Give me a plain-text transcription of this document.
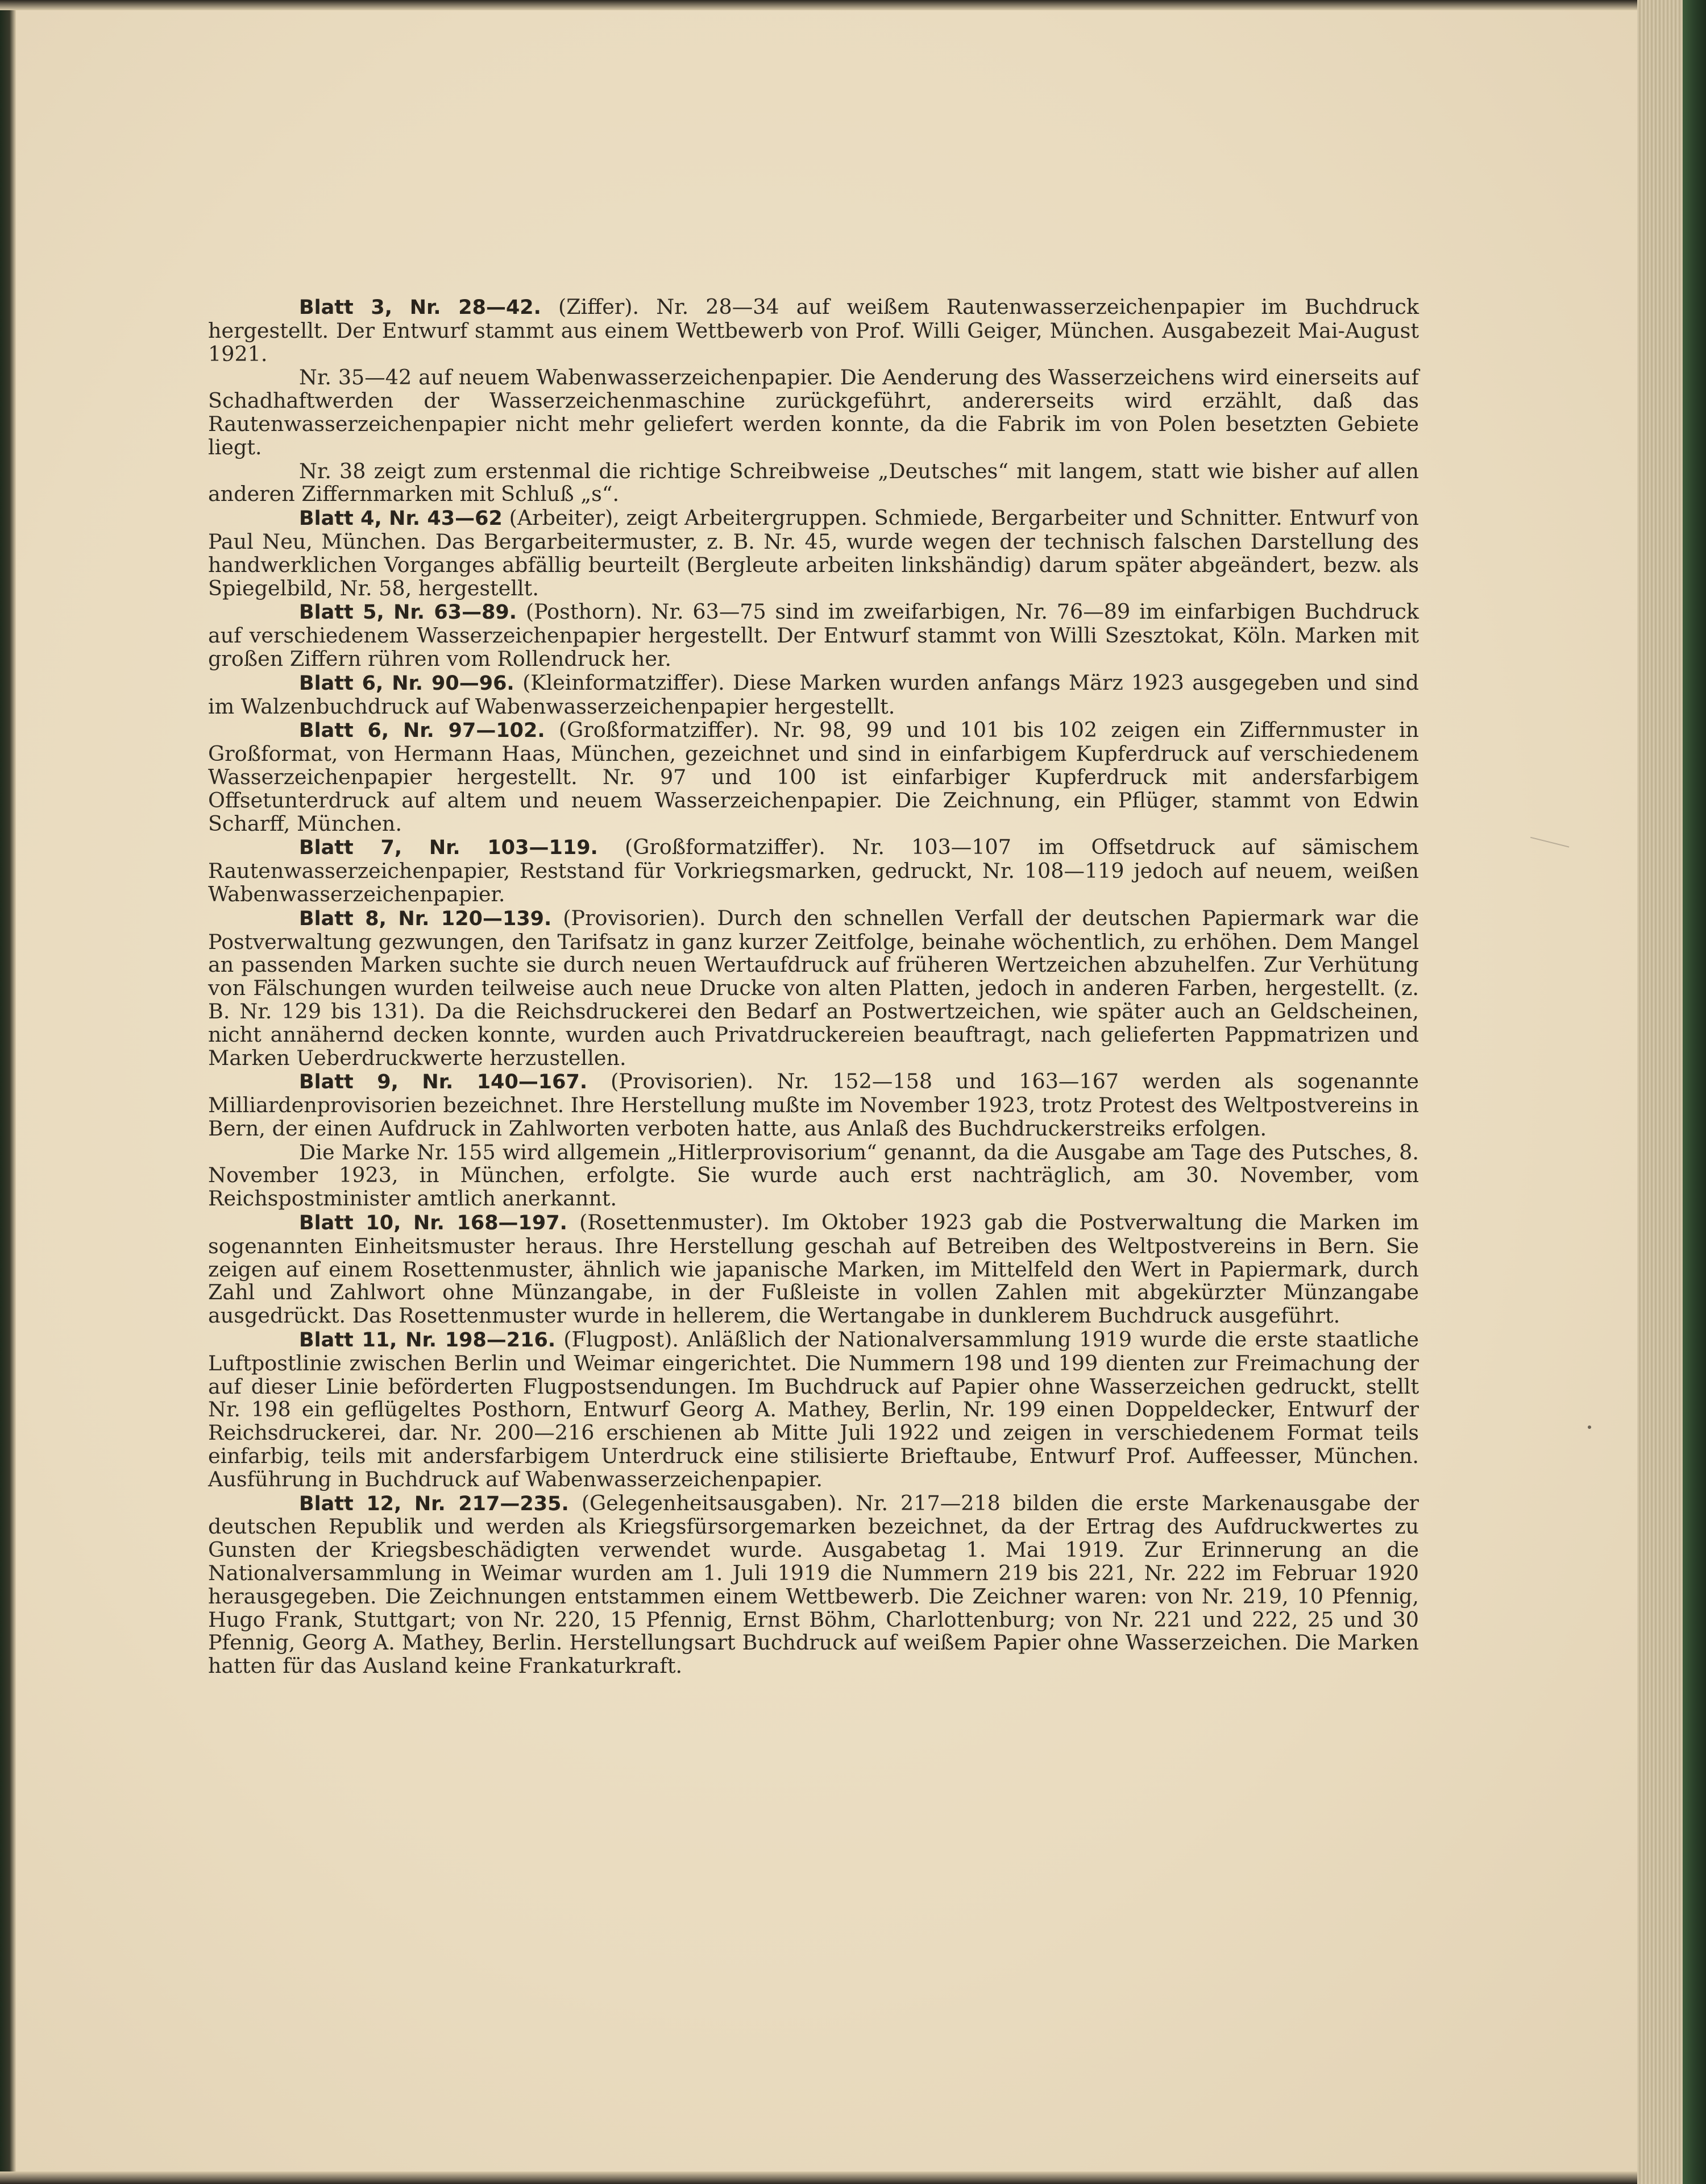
Blatt 3, Nr. 28—42. (Ziffer). Nr. 28—34 auf weißem Rautenwasserzeichenpapier im Buchdruck hergestellt. Der Entwurf stammt aus einem Wettbewerb von Prof. Willi Geiger, München. Ausgabezeit Mai-August 1921.

Nr. 35—42 auf neuem Wabenwasserzeichenpapier. Die Aenderung des Wasserzeichens wird einerseits auf Schadhaftwerden der Wasserzeichenmaschine zurückgeführt, andererseits wird erzählt, daß das Rautenwasserzeichenpapier nicht mehr geliefert werden konnte, da die Fabrik im von Polen besetzten Gebiete liegt.

Nr. 38 zeigt zum erstenmal die richtige Schreibweise „Deutsches“ mit langem, statt wie bisher auf allen anderen Ziffernmarken mit Schluß „s“.

Blatt 4, Nr. 43—62 (Arbeiter), zeigt Arbeitergruppen. Schmiede, Bergarbeiter und Schnitter. Entwurf von Paul Neu, München. Das Bergarbeitermuster, z. B. Nr. 45, wurde wegen der technisch falschen Darstellung des handwerklichen Vorganges abfällig beurteilt (Bergleute arbeiten linkshändig) darum später abgeändert, bezw. als Spiegelbild, Nr. 58, hergestellt.

Blatt 5, Nr. 63—89. (Posthorn). Nr. 63—75 sind im zweifarbigen, Nr. 76—89 im einfarbigen Buchdruck auf verschiedenem Wasserzeichenpapier hergestellt. Der Entwurf stammt von Willi Szesztokat, Köln. Marken mit großen Ziffern rühren vom Rollendruck her.

Blatt 6, Nr. 90—96. (Kleinformatziffer). Diese Marken wurden anfangs März 1923 ausgegeben und sind im Walzenbuchdruck auf Wabenwasserzeichenpapier hergestellt.

Blatt 6, Nr. 97—102. (Großformatziffer). Nr. 98, 99 und 101 bis 102 zeigen ein Ziffernmuster in Großformat, von Hermann Haas, München, gezeichnet und sind in einfarbigem Kupferdruck auf verschiedenem Wasserzeichenpapier hergestellt. Nr. 97 und 100 ist einfarbiger Kupferdruck mit andersfarbigem Offsetunterdruck auf altem und neuem Wasserzeichenpapier. Die Zeichnung, ein Pflüger, stammt von Edwin Scharff, München.

Blatt 7, Nr. 103—119. (Großformatziffer). Nr. 103—107 im Offsetdruck auf sämischem Rautenwasserzeichenpapier, Reststand für Vorkriegsmarken, gedruckt, Nr. 108—119 jedoch auf neuem, weißen Wabenwasserzeichenpapier.

Blatt 8, Nr. 120—139. (Provisorien). Durch den schnellen Verfall der deutschen Papiermark war die Postverwaltung gezwungen, den Tarifsatz in ganz kurzer Zeitfolge, beinahe wöchentlich, zu erhöhen. Dem Mangel an passenden Marken suchte sie durch neuen Wertaufdruck auf früheren Wertzeichen abzuhelfen. Zur Verhütung von Fälschungen wurden teilweise auch neue Drucke von alten Platten, jedoch in anderen Farben, hergestellt. (z. B. Nr. 129 bis 131). Da die Reichsdruckerei den Bedarf an Postwertzeichen, wie später auch an Geldscheinen, nicht annähernd decken konnte, wurden auch Privatdruckereien beauftragt, nach gelieferten Pappmatrizen und Marken Ueberdruckwerte herzustellen.

Blatt 9, Nr. 140—167. (Provisorien). Nr. 152—158 und 163—167 werden als sogenannte Milliardenprovisorien bezeichnet. Ihre Herstellung mußte im November 1923, trotz Protest des Weltpostvereins in Bern, der einen Aufdruck in Zahlworten verboten hatte, aus Anlaß des Buchdruckerstreiks erfolgen.

Die Marke Nr. 155 wird allgemein „Hitlerprovisorium“ genannt, da die Ausgabe am Tage des Putsches, 8. November 1923, in München, erfolgte. Sie wurde auch erst nachträglich, am 30. November, vom Reichspostminister amtlich anerkannt.

Blatt 10, Nr. 168—197. (Rosettenmuster). Im Oktober 1923 gab die Postverwaltung die Marken im sogenannten Einheitsmuster heraus. Ihre Herstellung geschah auf Betreiben des Weltpostvereins in Bern. Sie zeigen auf einem Rosettenmuster, ähnlich wie japanische Marken, im Mittelfeld den Wert in Papiermark, durch Zahl und Zahlwort ohne Münzangabe, in der Fußleiste in vollen Zahlen mit abgekürzter Münzangabe ausgedrückt. Das Rosettenmuster wurde in hellerem, die Wertangabe in dunklerem Buchdruck ausgeführt.

Blatt 11, Nr. 198—216. (Flugpost). Anläßlich der Nationalversammlung 1919 wurde die erste staatliche Luftpostlinie zwischen Berlin und Weimar eingerichtet. Die Nummern 198 und 199 dienten zur Freimachung der auf dieser Linie beförderten Flugpostsendungen. Im Buchdruck auf Papier ohne Wasserzeichen gedruckt, stellt Nr. 198 ein geflügeltes Posthorn, Entwurf Georg A. Mathey, Berlin, Nr. 199 einen Doppeldecker, Entwurf der Reichsdruckerei, dar. Nr. 200—216 erschienen ab Mitte Juli 1922 und zeigen in verschiedenem Format teils einfarbig, teils mit andersfarbigem Unterdruck eine stilisierte Brieftaube, Entwurf Prof. Auffeesser, München. Ausführung in Buchdruck auf Wabenwasserzeichenpapier.

Blatt 12, Nr. 217—235. (Gelegenheitsausgaben). Nr. 217—218 bilden die erste Markenausgabe der deutschen Republik und werden als Kriegsfürsorgemarken bezeichnet, da der Ertrag des Aufdruckwertes zu Gunsten der Kriegsbeschädigten verwendet wurde. Ausgabetag 1. Mai 1919. Zur Erinnerung an die Nationalversammlung in Weimar wurden am 1. Juli 1919 die Nummern 219 bis 221, Nr. 222 im Februar 1920 herausgegeben. Die Zeichnungen entstammen einem Wettbewerb. Die Zeichner waren: von Nr. 219, 10 Pfennig, Hugo Frank, Stuttgart; von Nr. 220, 15 Pfennig, Ernst Böhm, Charlottenburg; von Nr. 221 und 222, 25 und 30 Pfennig, Georg A. Mathey, Berlin. Herstellungsart Buchdruck auf weißem Papier ohne Wasserzeichen. Die Marken hatten für das Ausland keine Frankaturkraft.
